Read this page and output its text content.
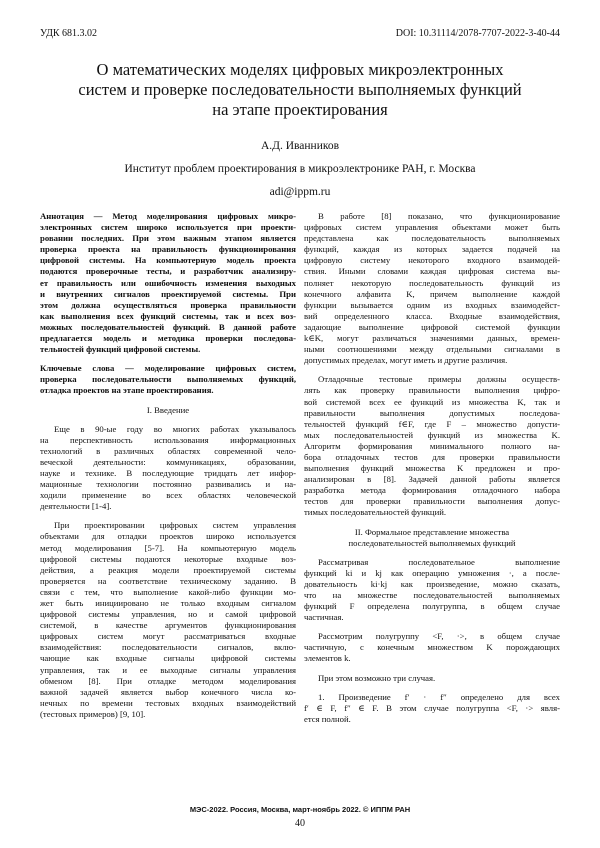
УДК 681.3.02	DOI: 10.31114/2078-7707-2022-3-40-44
О математических моделях цифровых микроэлектронных
систем и проверке последовательности выполняемых функций
на этапе проектирования
А.Д. Иванников
Институт проблем проектирования в микроэлектронике РАН, г. Москва
adi@ippm.ru
Аннотация — Метод моделирования цифровых микро-
электронных систем широко используется при проекти-
ровании последних. При этом важным этапом является
проверка проекта на правильность функционирования
цифровой системы. На компьютерную модель проекта
подаются проверочные тесты, и разработчик анализиру-
ет правильность или ошибочность изменения выходных
и внутренних сигналов проектируемой системы. При
этом должна осуществляться проверка правильности
как выполнения всех функций системы, так и всех воз-
можных последовательностей функций. В данной работе
предлагается модель и методика проверки последова-
тельностей функций цифровой системы.
Ключевые слова — моделирование цифровых систем,
проверка последовательности выполняемых функций,
отладка проектов на этапе проектирования.
I. Введение
Еще в 90-ые году во многих работах указывалось
на перспективность использования информационных
технологий в различных областях современной чело-
веческой деятельности: коммуникациях, образовании,
науке и технике. В последующие тридцать лет инфор-
мационные технологии постоянно развивались и на-
ходили применение во всех областях человеческой
деятельности [1-4].
При проектировании цифровых систем управления
объектами для отладки проектов широко используется
метод моделирования [5-7]. На компьютерную модель
цифровой системы подаются некоторые входные воз-
действия, а реакция модели проектируемой системы
проверяется на соответствие техническому заданию. В
связи с тем, что выполнение какой-либо функции мо-
жет быть инициировано не только входным сигналом
цифровой системы управления, но и самой цифровой
системой, в качестве аргументов функционирования
цифровых систем могут рассматриваться входные
взаимодействия: последовательности сигналов, вклю-
чающие как входные сигналы цифровой системы
управления, так и ее выходные сигналы управления
обменом [8]. При отладке методом моделирования
важной задачей является выбор конечного числа ко-
нечных по времени тестовых входных взаимодействий
(тестовых примеров) [9, 10].
В работе [8] показано, что функционирование
цифровых систем управления объектами может быть
представлена как последовательность выполняемых
функций, каждая из которых задается подачей на
цифровую систему некоторого входного взаимодей-
ствия. Иными словами каждая цифровая система вы-
полняет некоторую последовательность функций из
конечного алфавита K, причем выполнение каждой
функции вызывается одним из входных взаимодейст-
вий определенного класса. Входные взаимодействия,
задающие выполнение цифровой системой функции
k∈K, могут различаться значениями данных, времен-
ными соотношениями между отдельными сигналами в
допустимых пределах, могут иметь и другие различия.
Отладочные тестовые примеры должны осуществ-
лять как проверку правильности выполнения цифро-
вой системой всех ее функций из множества K, так и
правильности выполнения допустимых последова-
тельностей функций f∈F, где F – множество допусти-
мых последовательностей функций из множества K.
Алгоритм формирования минимального полного на-
бора отладочных тестов для проверки правильности
выполнения функций множества K предложен и про-
анализирован в [8]. Задачей данной работы является
разработка метода формирования отладочного набора
тестов для проверки правильности выполнения допус-
тимых последовательностей функций.
II. Формальное представление множества
последовательностей выполняемых функций
Рассматривая последовательное выполнение
функций ki и kj как операцию умножения ·, а после-
довательность ki·kj как произведение, можно сказать,
что на множестве последовательностей выполняемых
функций F определена полугруппа, в общем случае
частичная.
Рассмотрим полугруппу <F, ·>, в общем случае
частичную, с конечным множеством K порождающих
элементов k.
При этом возможно три случая.
1. Произведение f′ · f″ определено для всех
f′ ∈ F, f″ ∈ F. В этом случае полугруппа <F, ·> явля-
ется полной.
МЭС-2022. Россия, Москва, март-ноябрь 2022. © ИППМ РАН
40
